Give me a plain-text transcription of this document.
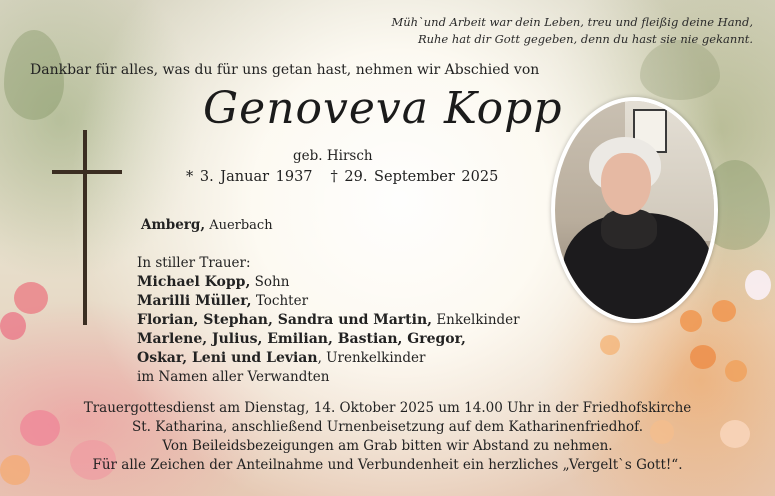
Müh`und Arbeit war dein Leben, treu und fleißig deine Hand,
Ruhe hat dir Gott gegeben, denn du hast sie nie gekannt.
Dankbar für alles, was du für uns getan hast, nehmen wir Abschied von
Genoveva Kopp
geb. Hirsch
* 3. Januar 1937 † 29. September 2025
Amberg, Auerbach
In stiller Trauer:
Michael Kopp, Sohn
Marilli Müller, Tochter
Florian, Stephan, Sandra und Martin, Enkelkinder
Marlene, Julius, Emilian, Bastian, Gregor,
Oskar, Leni und Levian, Urenkelkinder
im Namen aller Verwandten
Trauergottesdienst am Dienstag, 14. Oktober 2025 um 14.00 Uhr in der Friedhofskirche
St. Katharina, anschließend Urnenbeisetzung auf dem Katharinenfriedhof.
Von Beileidsbezeigungen am Grab bitten wir Abstand zu nehmen.
Für alle Zeichen der Anteilnahme und Verbundenheit ein herzliches „Vergelt`s Gott!“.
